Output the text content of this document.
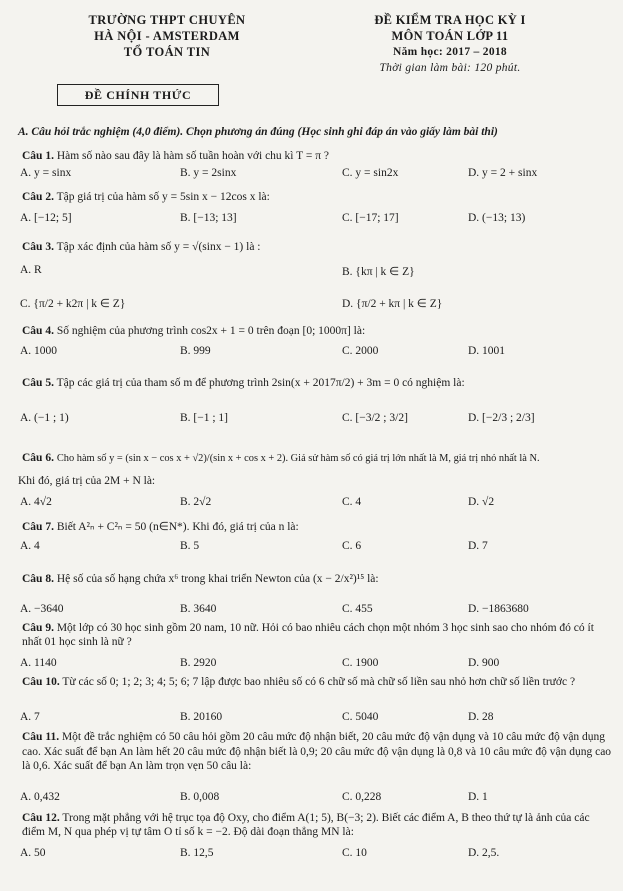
TRƯỜNG THPT CHUYÊN
HÀ NỘI - AMSTERDAM
TỔ TOÁN TIN
ĐỀ KIỂM TRA HỌC KỲ I
MÔN TOÁN LỚP 11
Năm học: 2017 – 2018
Thời gian làm bài: 120 phút.
ĐỀ CHÍNH THỨC
A. Câu hỏi trắc nghiệm (4,0 điểm). Chọn phương án đúng (Học sinh ghi đáp án vào giấy làm bài thi)
Câu 1. Hàm số nào sau đây là hàm số tuần hoàn với chu kì T = π ?
A. y = sinx	B. y = 2sinx	C. y = sin2x	D. y = 2 + sinx
Câu 2. Tập giá trị của hàm số y = 5sin x − 12cos x là:
A. [−12; 5]	B. [−13; 13]	C. [−17; 17]	D. (−13; 13)
Câu 3. Tập xác định của hàm số y = √(sinx − 1) là :
A. R	B. {kπ | k ∈ Z}
C. {π/2 + k2π | k ∈ Z}	D. {π/2 + kπ | k ∈ Z}
Câu 4. Số nghiệm của phương trình cos2x + 1 = 0 trên đoạn [0; 1000π] là:
A. 1000	B. 999	C. 2000	D. 1001
Câu 5. Tập các giá trị của tham số m để phương trình 2sin(x + 2017π/2) + 3m = 0 có nghiệm là:
A. (−1 ; 1)	B. [−1 ; 1]	C. [−3/2 ; 3/2]	D. [−2/3 ; 2/3]
Câu 6. Cho hàm số y = (sin x − cos x + √2)/(sin x + cos x + 2). Giả sử hàm số có giá trị lớn nhất là M, giá trị nhỏ nhất là N.
Khi đó, giá trị của 2M + N là:
A. 4√2	B. 2√2	C. 4	D. √2
Câu 7. Biết A²ₙ + C²ₙ = 50 (n∈N*). Khi đó, giá trị của n là:
A. 4	B. 5	C. 6	D. 7
Câu 8. Hệ số của số hạng chứa x⁶ trong khai triển Newton của (x − 2/x²)¹⁵ là:
A. −3640	B. 3640	C. 455	D. −1863680
Câu 9. Một lớp có 30 học sinh gồm 20 nam, 10 nữ. Hỏi có bao nhiêu cách chọn một nhóm 3 học sinh sao cho nhóm đó có ít nhất 01 học sinh là nữ ?
A. 1140	B. 2920	C. 1900	D. 900
Câu 10. Từ các số 0; 1; 2; 3; 4; 5; 6; 7 lập được bao nhiêu số có 6 chữ số mà chữ số liền sau nhỏ hơn chữ số liền trước ?
A. 7	B. 20160	C. 5040	D. 28
Câu 11. Một đề trắc nghiệm có 50 câu hỏi gồm 20 câu mức độ nhận biết, 20 câu mức độ vận dụng và 10 câu mức độ vận dụng cao. Xác suất để bạn An làm hết 20 câu mức độ nhận biết là 0,9; 20 câu mức độ vận dụng là 0,8 và 10 câu mức độ vận dụng cao là 0,6. Xác suất để bạn An làm trọn vẹn 50 câu là:
A. 0,432	B. 0,008	C. 0,228	D. 1
Câu 12. Trong mặt phẳng với hệ trục tọa độ Oxy, cho điểm A(1; 5), B(−3; 2). Biết các điểm A, B theo thứ tự là ảnh của các điểm M, N qua phép vị tự tâm O tỉ số k = −2. Độ dài đoạn thẳng MN là:
A. 50	B. 12,5	C. 10	D. 2,5.
